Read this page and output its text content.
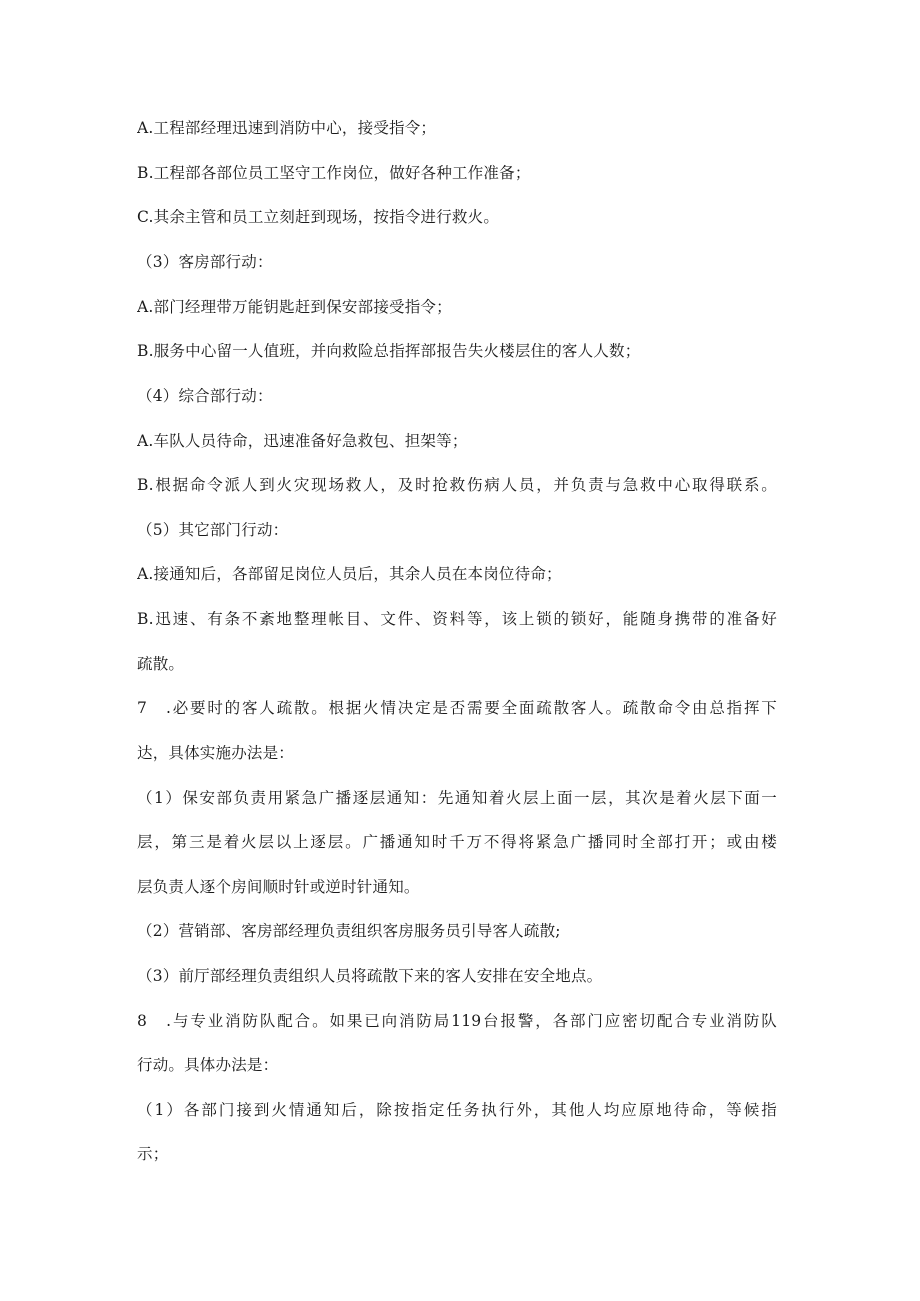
A.工程部经理迅速到消防中心，接受指令；
B.工程部各部位员工坚守工作岗位，做好各种工作准备；
C.其余主管和员工立刻赶到现场，按指令进行救火。
（3）客房部行动：
A.部门经理带万能钥匙赶到保安部接受指令；
B.服务中心留一人值班，并向救险总指挥部报告失火楼层住的客人人数；
（4）综合部行动：
A.车队人员待命，迅速准备好急救包、担架等；
B.根据命令派人到火灾现场救人，及时抢救伤病人员，并负责与急救中心取得联系。
（5）其它部门行动：
A.接通知后，各部留足岗位人员后，其余人员在本岗位待命；
B.迅速、有条不紊地整理帐目、文件、资料等，该上锁的锁好，能随身携带的准备好
疏散。
7　.必要时的客人疏散。根据火情决定是否需要全面疏散客人。疏散命令由总指挥下
达，具体实施办法是：
（1）保安部负责用紧急广播逐层通知：先通知着火层上面一层，其次是着火层下面一
层，第三是着火层以上逐层。广播通知时千万不得将紧急广播同时全部打开；或由楼
层负责人逐个房间顺时针或逆时针通知。
（2）营销部、客房部经理负责组织客房服务员引导客人疏散;
（3）前厅部经理负责组织人员将疏散下来的客人安排在安全地点。
8　.与专业消防队配合。如果已向消防局119台报警，各部门应密切配合专业消防队
行动。具体办法是：
（1）各部门接到火情通知后，除按指定任务执行外，其他人均应原地待命，等候指
示；
